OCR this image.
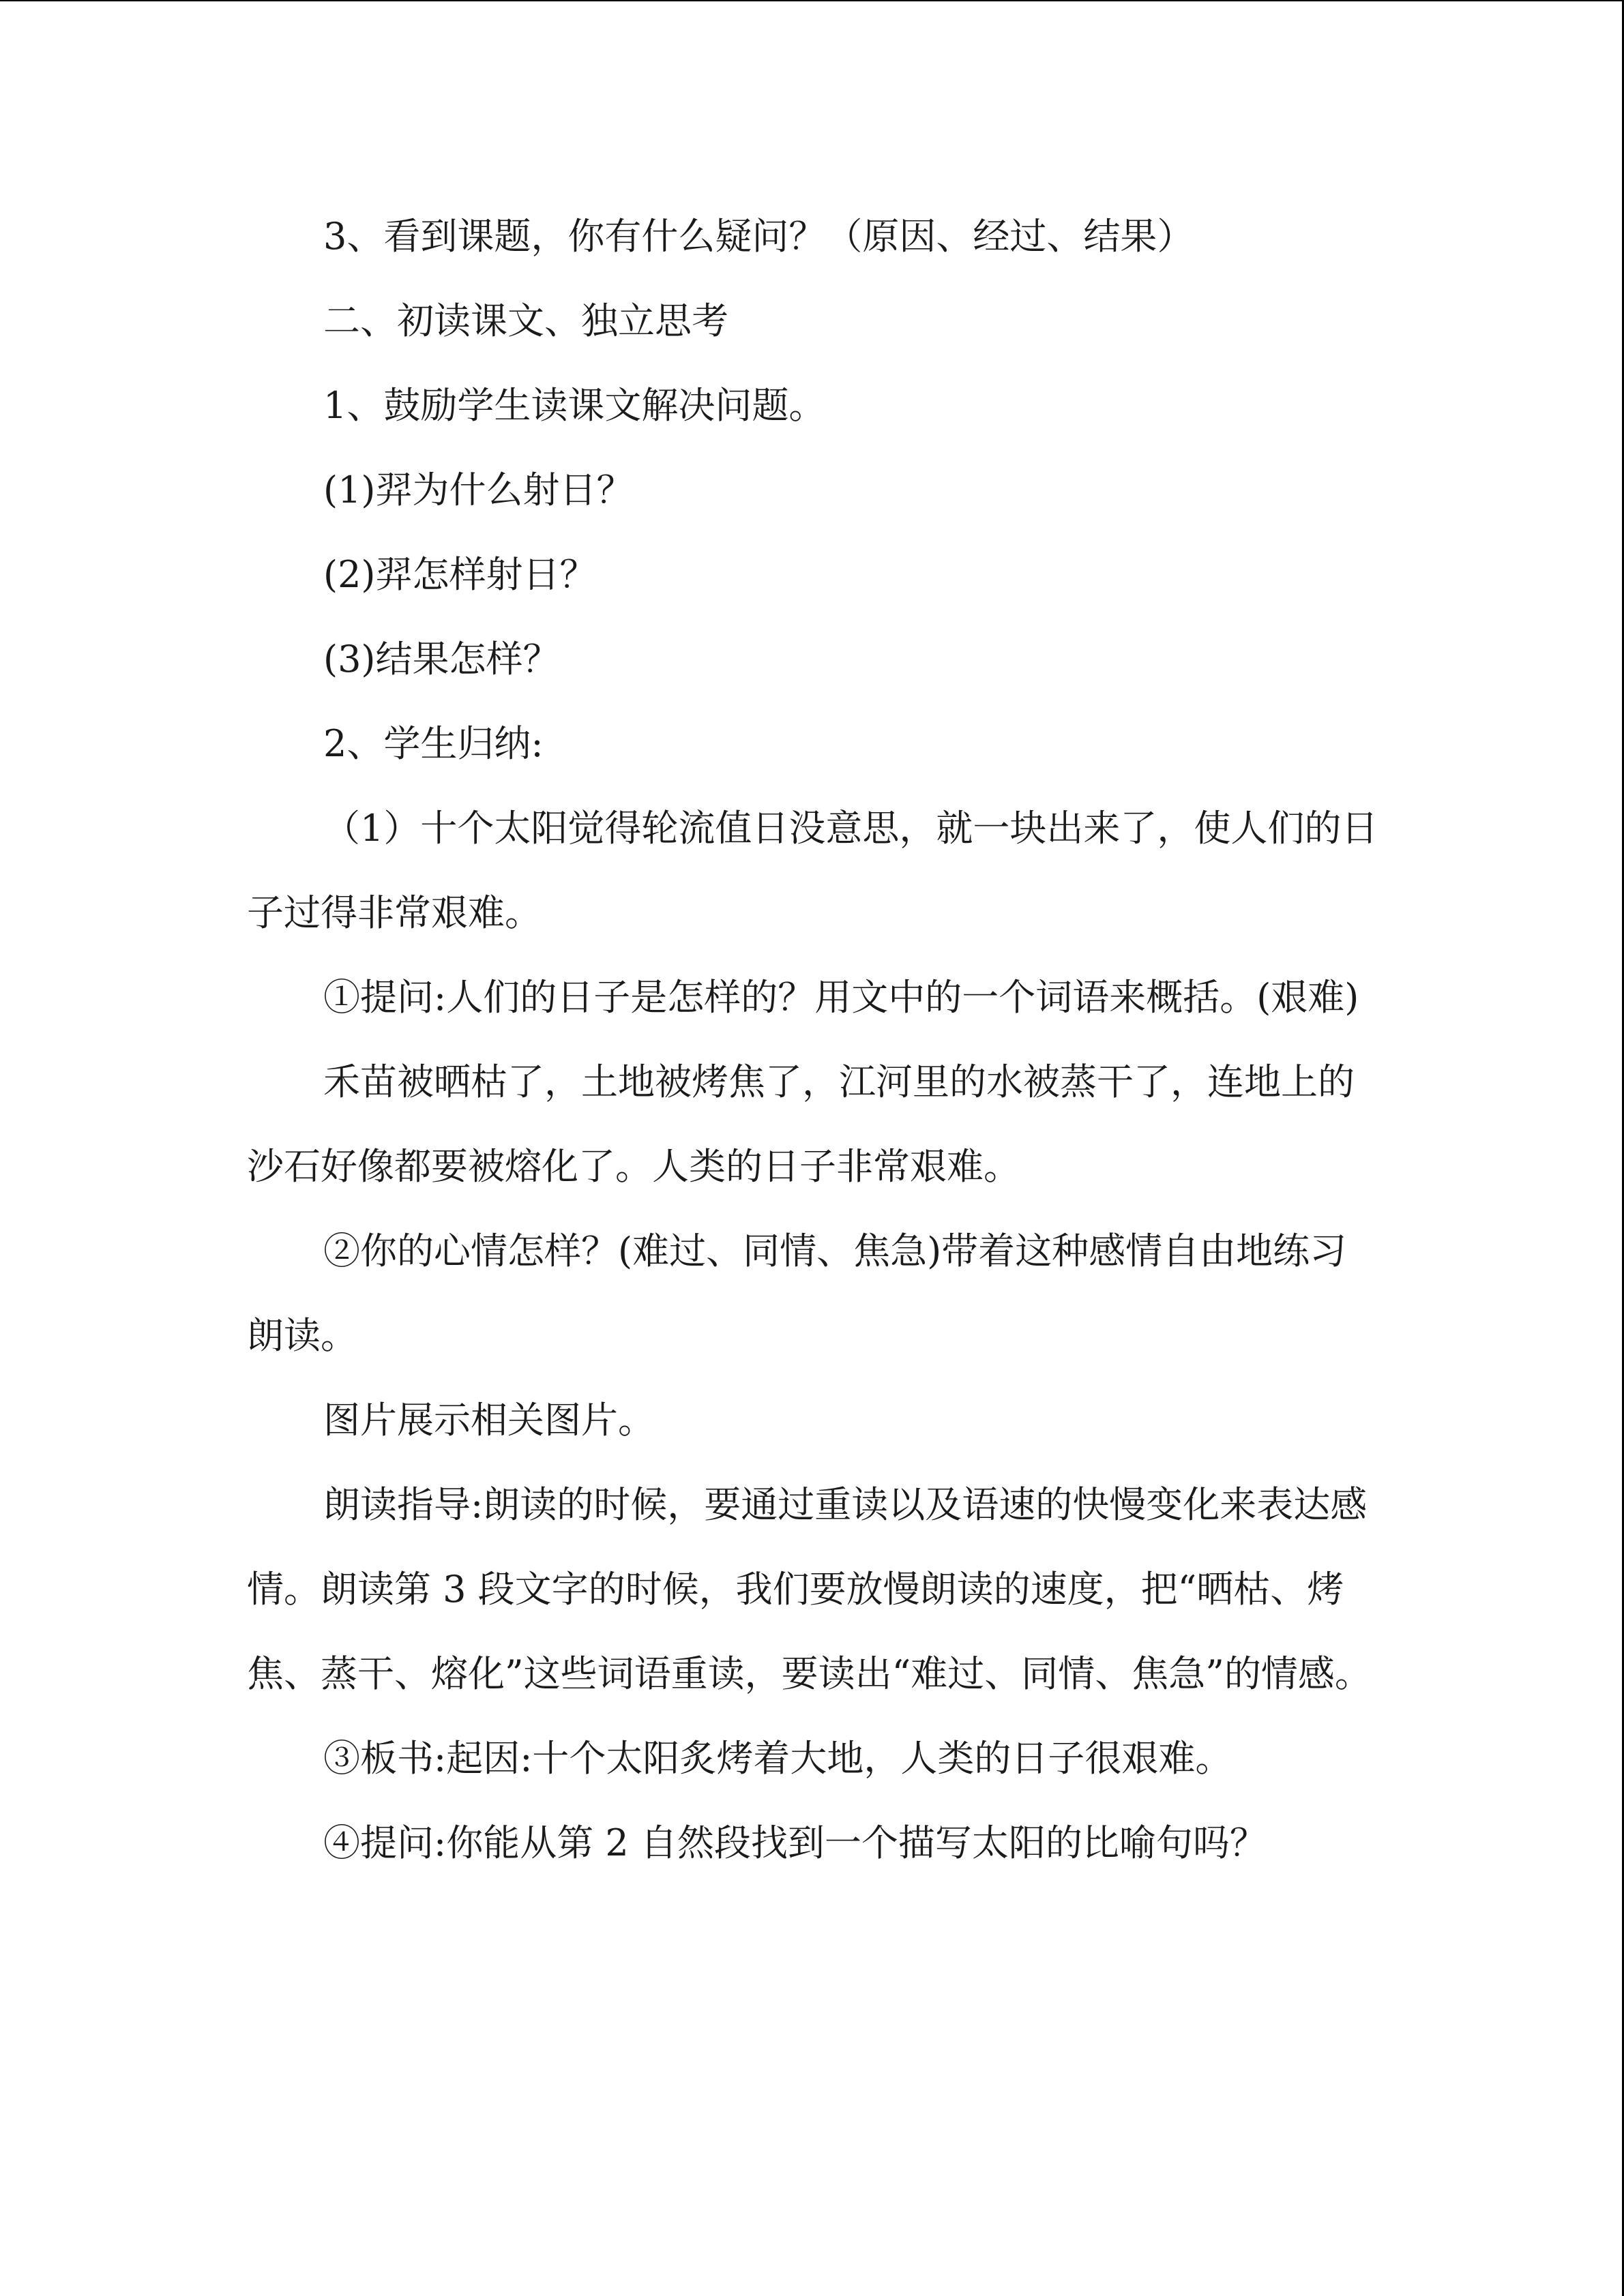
3、看到课题，你有什么疑问？（原因、经过、结果）

二、初读课文、独立思考

1、鼓励学生读课文解决问题。

(1)羿为什么射日？

(2)羿怎样射日？

(3)结果怎样？

2、学生归纳:

（1）十个太阳觉得轮流值日没意思，就一块出来了，使人们的日子过得非常艰难。

①提问:人们的日子是怎样的？用文中的一个词语来概括。(艰难)

禾苗被晒枯了，土地被烤焦了，江河里的水被蒸干了，连地上的沙石好像都要被熔化了。人类的日子非常艰难。

②你的心情怎样？(难过、同情、焦急)带着这种感情自由地练习朗读。

图片展示相关图片。

朗读指导:朗读的时候，要通过重读以及语速的快慢变化来表达感情。朗读第 3 段文字的时候，我们要放慢朗读的速度，把“晒枯、烤焦、蒸干、熔化”这些词语重读，要读出“难过、同情、焦急”的情感。

③板书:起因:十个太阳炙烤着大地，人类的日子很艰难。

④提问:你能从第 2 自然段找到一个描写太阳的比喻句吗？
